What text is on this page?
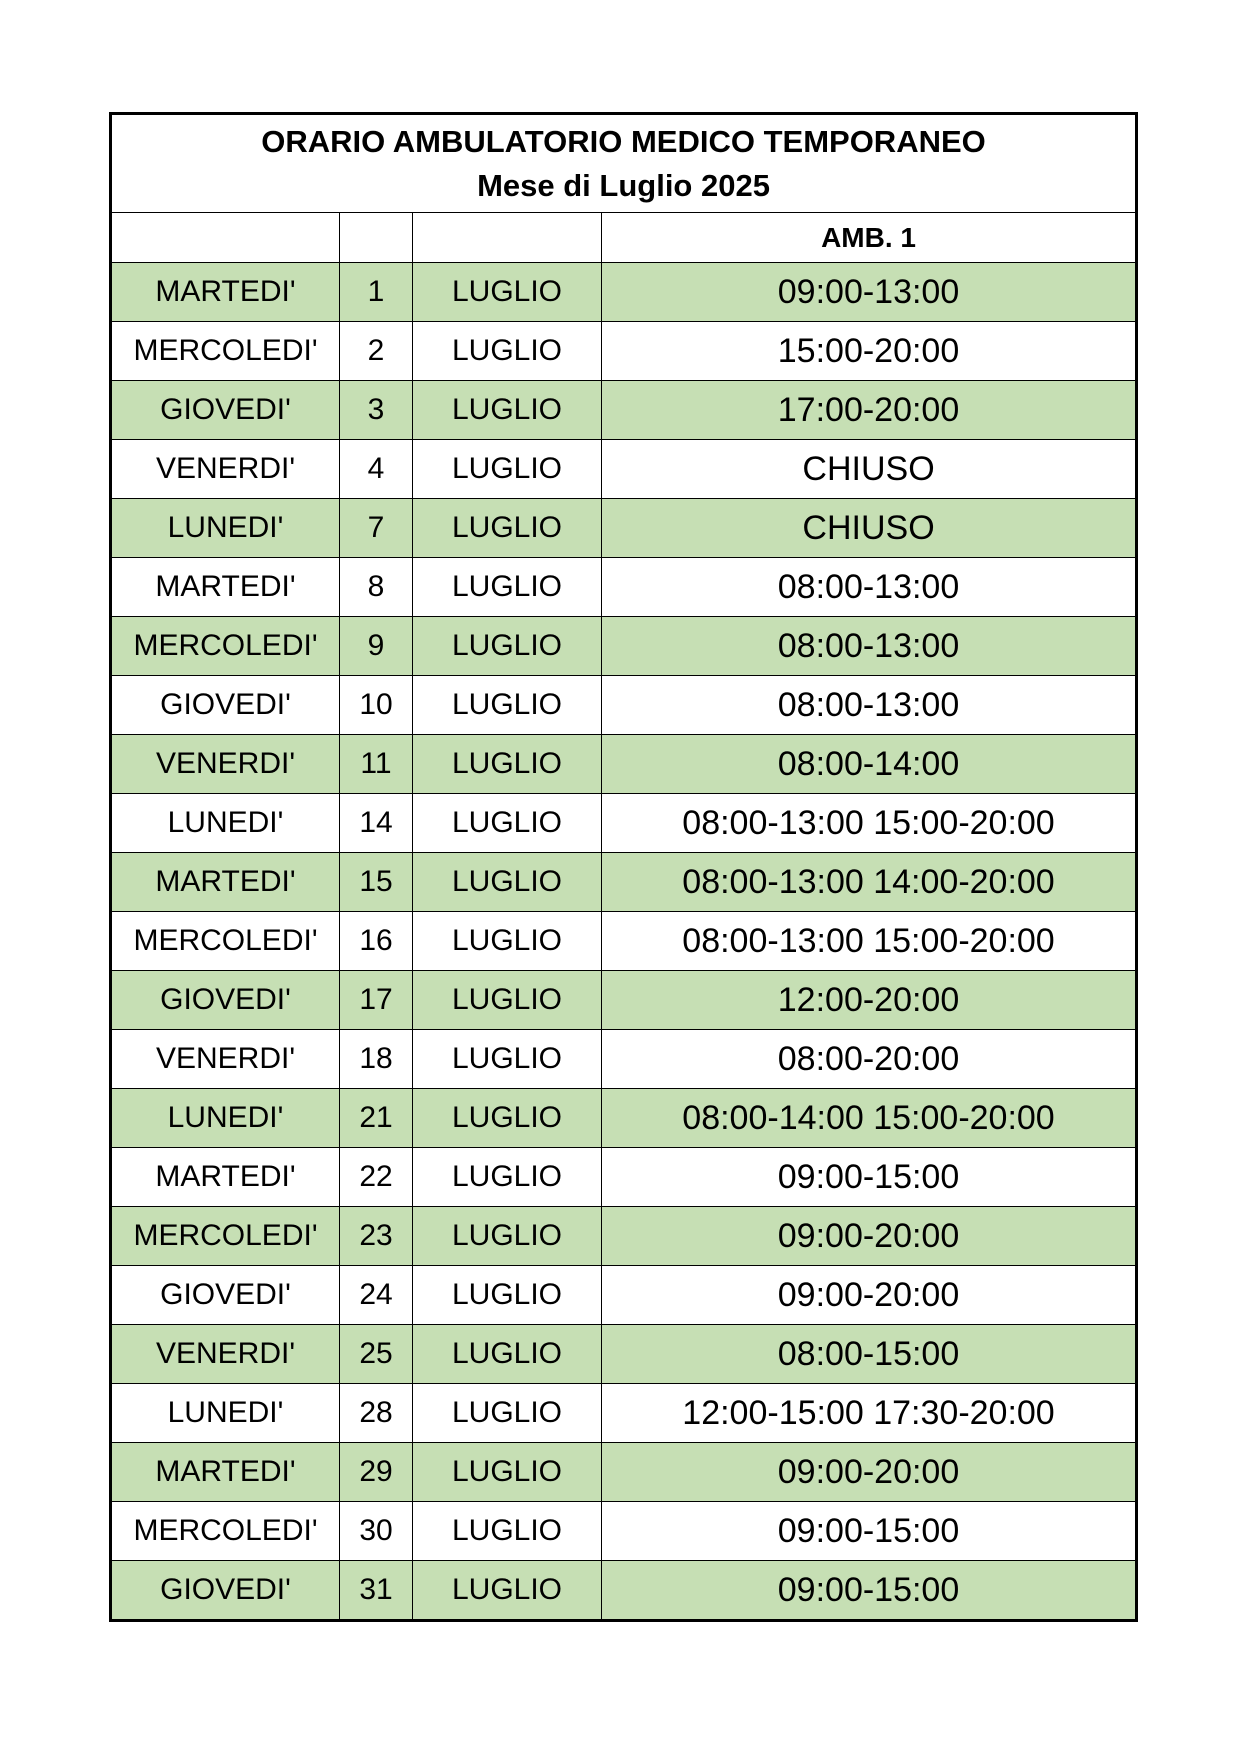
ORARIO AMBULATORIO MEDICO TEMPORANEO
Mese di Luglio 2025			

			AMB. 1
MARTEDI'	1	LUGLIO	09:00-13:00
MERCOLEDI'	2	LUGLIO	15:00-20:00
GIOVEDI'	3	LUGLIO	17:00-20:00
VENERDI'	4	LUGLIO	CHIUSO
LUNEDI'	7	LUGLIO	CHIUSO
MARTEDI'	8	LUGLIO	08:00-13:00
MERCOLEDI'	9	LUGLIO	08:00-13:00
GIOVEDI'	10	LUGLIO	08:00-13:00
VENERDI'	11	LUGLIO	08:00-14:00
LUNEDI'	14	LUGLIO	08:00-13:00 15:00-20:00
MARTEDI'	15	LUGLIO	08:00-13:00 14:00-20:00
MERCOLEDI'	16	LUGLIO	08:00-13:00 15:00-20:00
GIOVEDI'	17	LUGLIO	12:00-20:00
VENERDI'	18	LUGLIO	08:00-20:00
LUNEDI'	21	LUGLIO	08:00-14:00 15:00-20:00
MARTEDI'	22	LUGLIO	09:00-15:00
MERCOLEDI'	23	LUGLIO	09:00-20:00
GIOVEDI'	24	LUGLIO	09:00-20:00
VENERDI'	25	LUGLIO	08:00-15:00
LUNEDI'	28	LUGLIO	12:00-15:00 17:30-20:00
MARTEDI'	29	LUGLIO	09:00-20:00
MERCOLEDI'	30	LUGLIO	09:00-15:00
GIOVEDI'	31	LUGLIO	09:00-15:00
